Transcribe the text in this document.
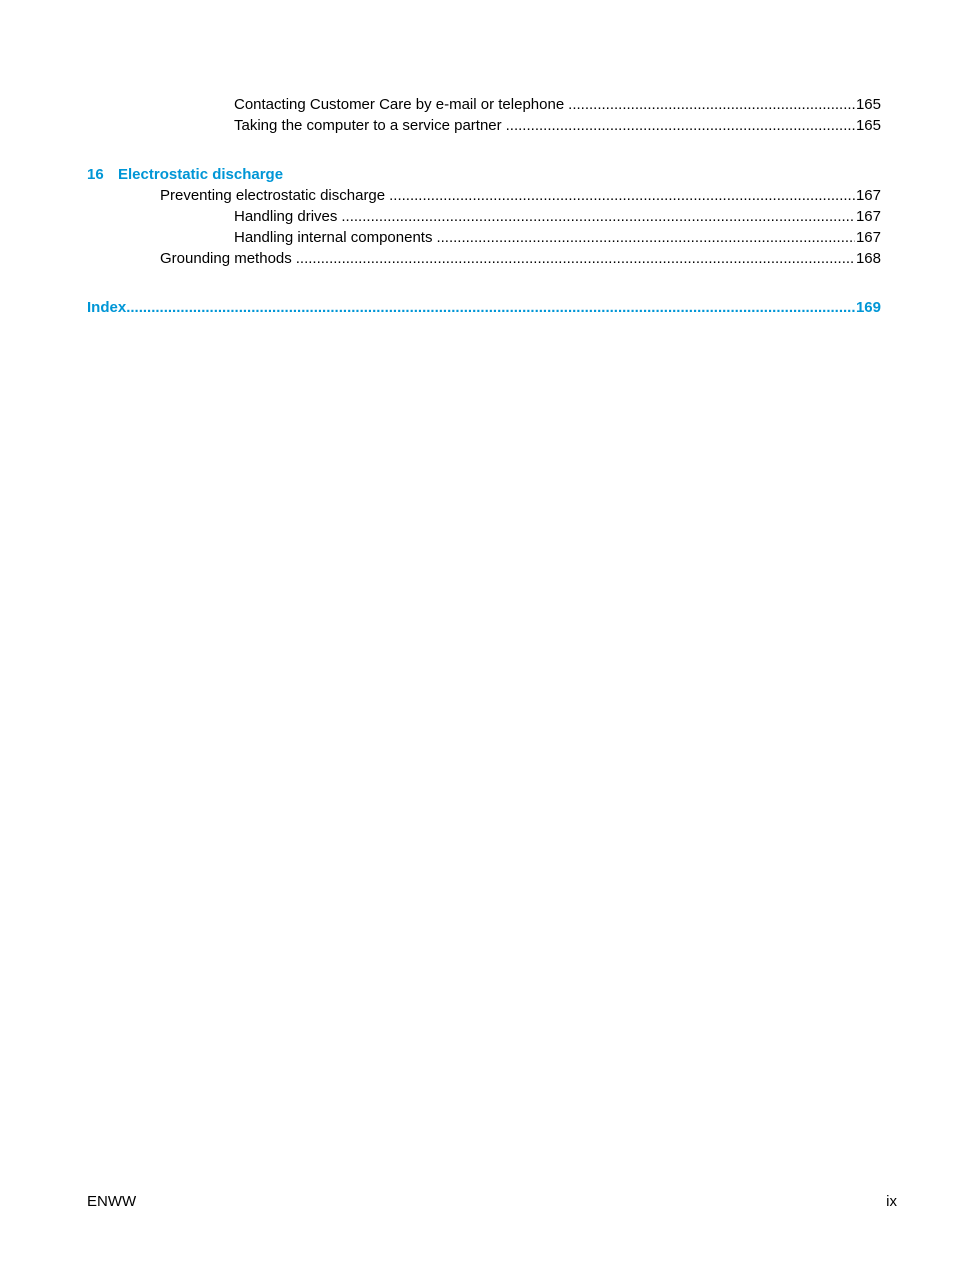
Contacting Customer Care by e-mail or telephone .....	165
Taking the computer to a service partner .....	165
16 Electrostatic discharge
Preventing electrostatic discharge .....	167
Handling drives .....	167
Handling internal components .....	167
Grounding methods .....	168
Index .....	169
ENWW	ix
